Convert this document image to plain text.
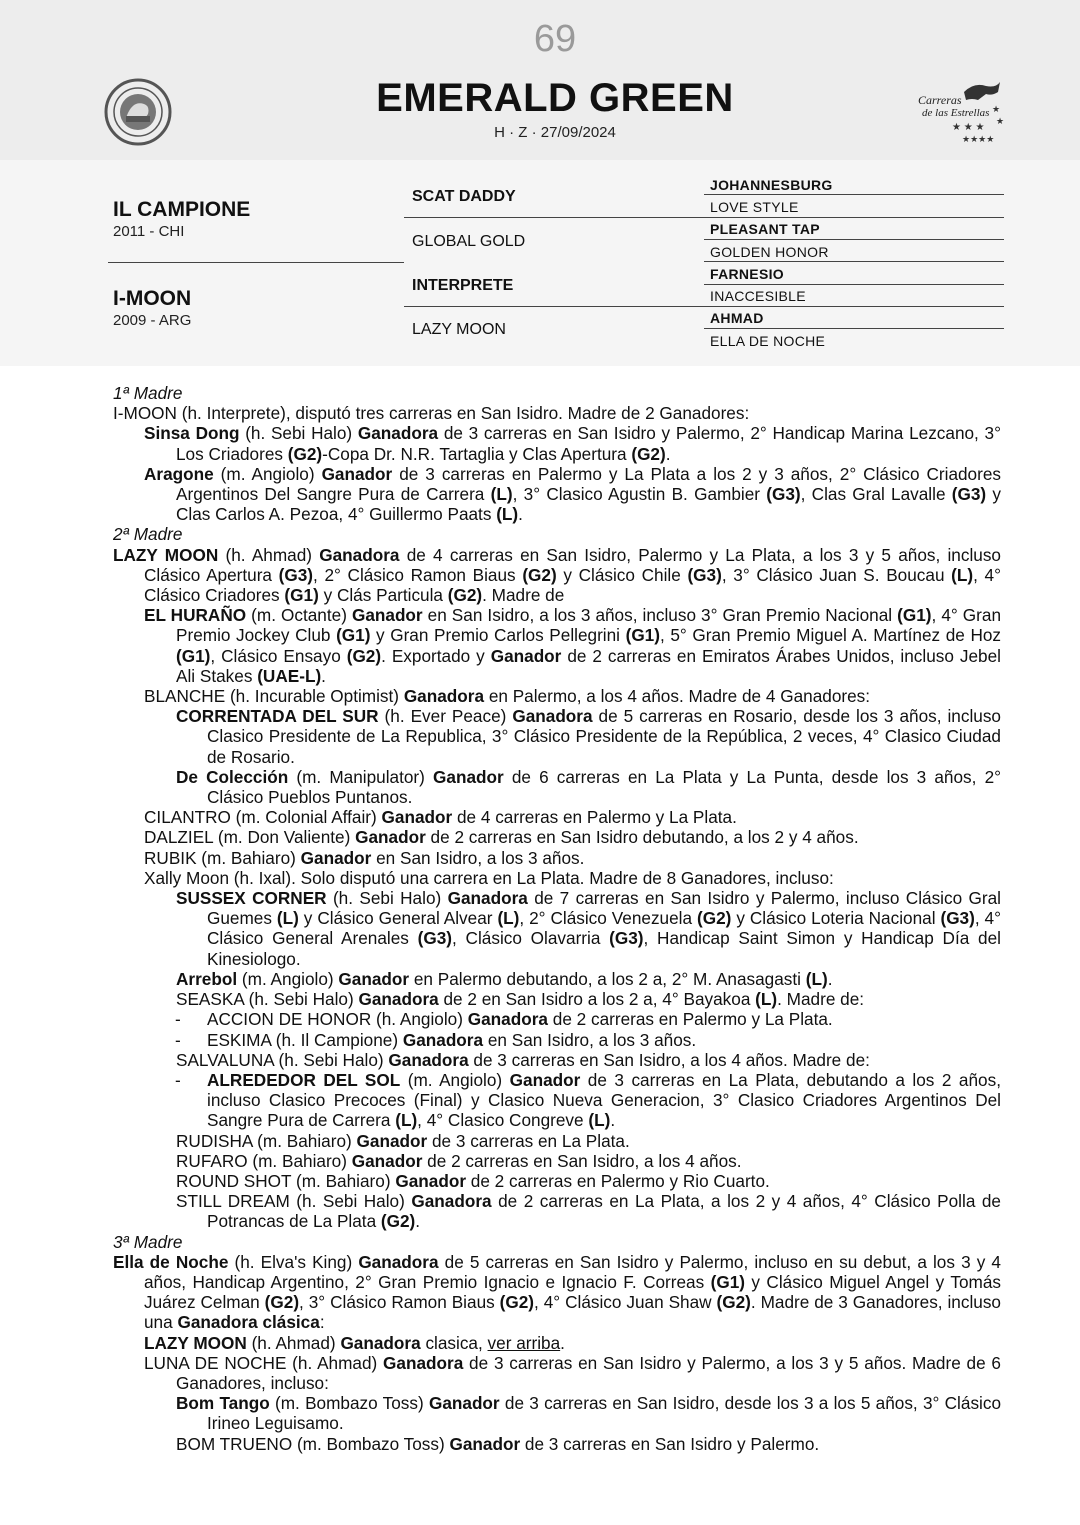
69
EMERALD GREEN
H · Z · 27/09/2024
Carreras
de las Estrellas
★ ★ ★
★★★★
★
★
IL CAMPIONE
2011 - CHI
I-MOON
2009 - ARG
SCAT DADDY
GLOBAL GOLD
INTERPRETE
LAZY MOON
JOHANNESBURG
LOVE STYLE
PLEASANT TAP
GOLDEN HONOR
FARNESIO
INACCESIBLE
AHMAD
ELLA DE NOCHE

1ª Madre

I-MOON (h. Interprete), disputó tres carreras en San Isidro. Madre de 2 Ganadores:

Sinsa Dong (h. Sebi Halo) Ganadora de 3 carreras en San Isidro y Palermo, 2° Handicap Marina Lezcano, 3° Los Criadores (G2)-Copa Dr. N.R. Tartaglia y Clas Apertura (G2).

Aragone (m. Angiolo) Ganador de 3 carreras en Palermo y La Plata a los 2 y 3 años, 2° Clásico Criadores Argentinos Del Sangre Pura de Carrera (L), 3° Clasico Agustin B. Gambier (G3), Clas Gral Lavalle (G3) y Clas Carlos A. Pezoa, 4° Guillermo Paats (L).

2ª Madre

LAZY MOON (h. Ahmad) Ganadora de 4 carreras en San Isidro, Palermo y La Plata, a los 3 y 5 años, incluso Clásico Apertura (G3), 2° Clásico Ramon Biaus (G2) y Clásico Chile (G3), 3° Clásico Juan S. Boucau (L), 4° Clásico Criadores (G1) y Clás Particula (G2). Madre de

EL HURAÑO (m. Octante) Ganador en San Isidro, a los 3 años, incluso 3° Gran Premio Nacional (G1), 4° Gran Premio Jockey Club (G1) y Gran Premio Carlos Pellegrini (G1), 5° Gran Premio Miguel A. Martínez de Hoz (G1), Clásico Ensayo (G2). Exportado y Ganador de 2 carreras en Emiratos Árabes Unidos, incluso Jebel Ali Stakes (UAE-L).

BLANCHE (h. Incurable Optimist) Ganadora en Palermo, a los 4 años. Madre de 4 Ganadores:

CORRENTADA DEL SUR (h. Ever Peace) Ganadora de 5 carreras en Rosario, desde los 3 años, incluso Clasico Presidente de La Republica, 3° Clásico Presidente de la República, 2 veces, 4° Clasico Ciudad de Rosario.

De Colección (m. Manipulator) Ganador de 6 carreras en La Plata y La Punta, desde los 3 años, 2° Clásico Pueblos Puntanos.

CILANTRO (m. Colonial Affair) Ganador de 4 carreras en Palermo y La Plata.

DALZIEL (m. Don Valiente) Ganador de 2 carreras en San Isidro debutando, a los 2 y 4 años.

RUBIK (m. Bahiaro) Ganador en San Isidro, a los 3 años.

Xally Moon (h. Ixal). Solo disputó una carrera en La Plata. Madre de 8 Ganadores, incluso:

SUSSEX CORNER (h. Sebi Halo) Ganadora de 7 carreras en San Isidro y Palermo, incluso Clásico Gral Guemes (L) y Clásico General Alvear (L), 2° Clásico Venezuela (G2) y Clásico Loteria Nacional (G3), 4° Clásico General Arenales (G3), Clásico Olavarria (G3), Handicap Saint Simon y Handicap Día del Kinesiologo.

Arrebol (m. Angiolo) Ganador en Palermo debutando, a los 2 a, 2° M. Anasagasti (L).

SEASKA (h. Sebi Halo) Ganadora de 2 en San Isidro a los 2 a, 4° Bayakoa (L). Madre de:

- ACCION DE HONOR (h. Angiolo) Ganadora de 2 carreras en Palermo y La Plata.

- ESKIMA (h. Il Campione) Ganadora en San Isidro, a los 3 años.

SALVALUNA (h. Sebi Halo) Ganadora de 3 carreras en San Isidro, a los 4 años. Madre de:

- ALREDEDOR DEL SOL (m. Angiolo) Ganador de 3 carreras en La Plata, debutando a los 2 años, incluso Clasico Precoces (Final) y Clasico Nueva Generacion, 3° Clasico Criadores Argentinos Del Sangre Pura de Carrera (L), 4° Clasico Congreve (L).

RUDISHA (m. Bahiaro) Ganador de 3 carreras en La Plata.

RUFARO (m. Bahiaro) Ganador de 2 carreras en San Isidro, a los 4 años.

ROUND SHOT (m. Bahiaro) Ganador de 2 carreras en Palermo y Rio Cuarto.

STILL DREAM (h. Sebi Halo) Ganadora de 2 carreras en La Plata, a los 2 y 4 años, 4° Clásico Polla de Potrancas de La Plata (G2).

3ª Madre

Ella de Noche (h. Elva's King) Ganadora de 5 carreras en San Isidro y Palermo, incluso en su debut, a los 3 y 4 años, Handicap Argentino, 2° Gran Premio Ignacio e Ignacio F. Correas (G1) y Clásico Miguel Angel y Tomás Juárez Celman (G2), 3° Clásico Ramon Biaus (G2), 4° Clásico Juan Shaw (G2). Madre de 3 Ganadores, incluso una Ganadora clásica:

LAZY MOON (h. Ahmad) Ganadora clasica, ver arriba.

LUNA DE NOCHE (h. Ahmad) Ganadora de 3 carreras en San Isidro y Palermo, a los 3 y 5 años. Madre de 6 Ganadores, incluso:

Bom Tango (m. Bombazo Toss) Ganador de 3 carreras en San Isidro, desde los 3 a los 5 años, 3° Clásico Irineo Leguisamo.

BOM TRUENO (m. Bombazo Toss) Ganador de 3 carreras en San Isidro y Palermo.
